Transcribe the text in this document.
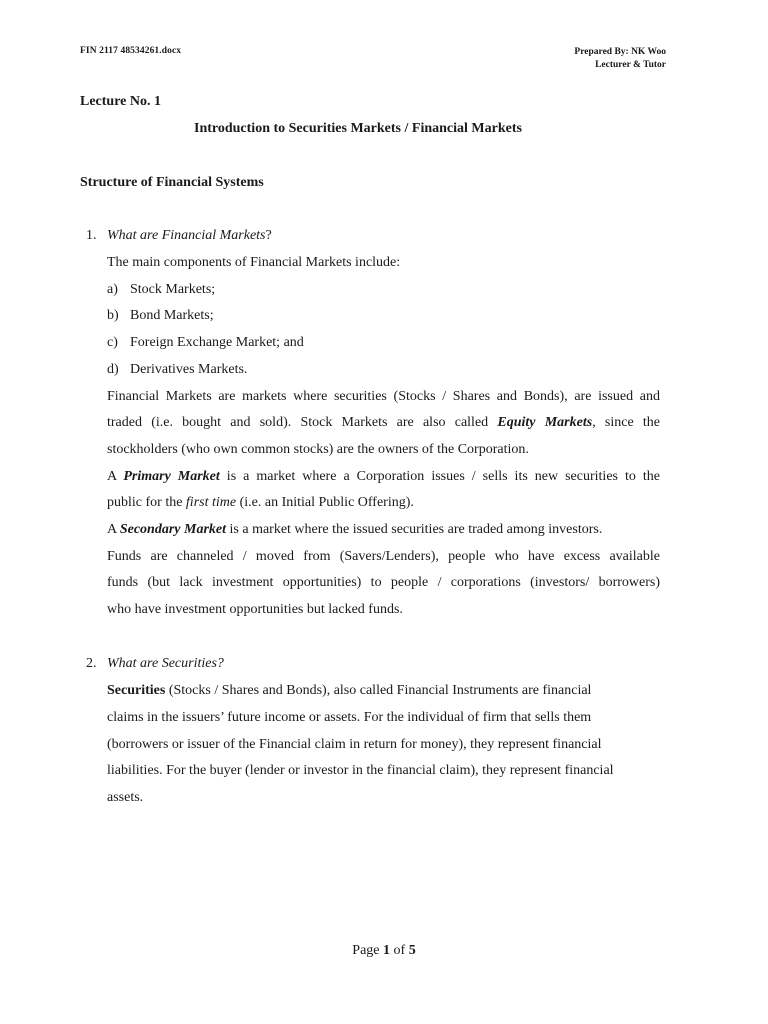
FIN 2117 48534261.docx	Prepared By: NK Woo
Lecturer & Tutor
Lecture No. 1
Introduction to Securities Markets / Financial Markets
Structure of Financial Systems
1. What are Financial Markets?
The main components of Financial Markets include:
a) Stock Markets;
b) Bond Markets;
c) Foreign Exchange Market; and
d) Derivatives Markets.
Financial Markets are markets where securities (Stocks / Shares and Bonds), are issued and
traded (i.e. bought and sold). Stock Markets are also called Equity Markets, since the
stockholders (who own common stocks) are the owners of the Corporation.
A Primary Market is a market where a Corporation issues / sells its new securities to the
public for the first time (i.e. an Initial Public Offering).
A Secondary Market is a market where the issued securities are traded among investors.
Funds are channeled / moved from (Savers/Lenders), people who have excess available
funds (but lack investment opportunities) to people / corporations (investors/ borrowers)
who have investment opportunities but lacked funds.
2. What are Securities?
Securities (Stocks / Shares and Bonds), also called Financial Instruments are financial
claims in the issuers’ future income or assets. For the individual of firm that sells them
(borrowers or issuer of the Financial claim in return for money), they represent financial
liabilities. For the buyer (lender or investor in the financial claim), they represent financial
assets.
Page 1 of 5
